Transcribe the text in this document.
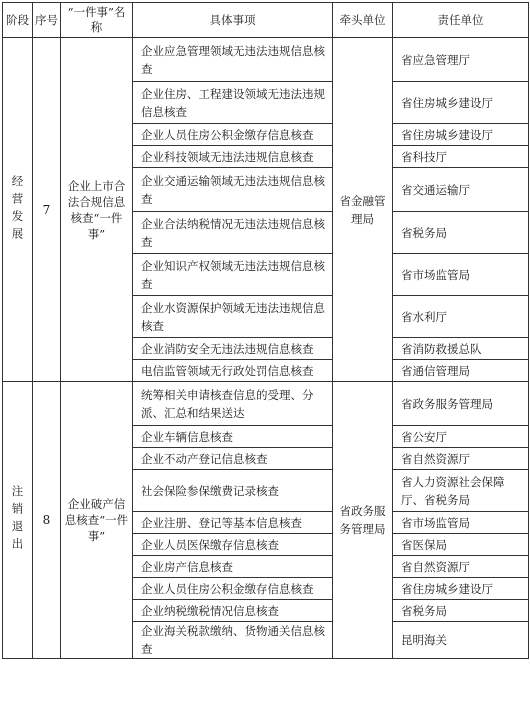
阶段	序号	“一件事”名称	具体事项	牵头单位	责任单位
经营发展	7	企业上市合法合规信息核查“一件事”	企业应急管理领域无违法违规信息核查	省金融管理局	省应急管理厅
			企业住房、工程建设领域无违法违规信息核查		省住房城乡建设厅
			企业人员住房公积金缴存信息核查		省住房城乡建设厅
			企业科技领域无违法违规信息核查		省科技厅
			企业交通运输领域无违法违规信息核查		省交通运输厅
			企业合法纳税情况无违法违规信息核查		省税务局
			企业知识产权领域无违法违规信息核查		省市场监管局
			企业水资源保护领域无违法违规信息核查		省水利厅
			企业消防安全无违法违规信息核查		省消防救援总队
			电信监管领域无行政处罚信息核查		省通信管理局
注销退出	8	企业破产信息核查“一件事”	统筹相关申请核查信息的受理、分派、汇总和结果送达	省政务服务管理局	省政务服务管理局
			企业车辆信息核查		省公安厅
			企业不动产登记信息核查		省自然资源厅
			社会保险参保缴费记录核查		省人力资源社会保障厅、省税务局
			企业注册、登记等基本信息核查		省市场监管局
			企业人员医保缴存信息核查		省医保局
			企业房产信息核查		省自然资源厅
			企业人员住房公积金缴存信息核查		省住房城乡建设厅
			企业纳税缴税情况信息核查		省税务局
			企业海关税款缴纳、货物通关信息核查		昆明海关
